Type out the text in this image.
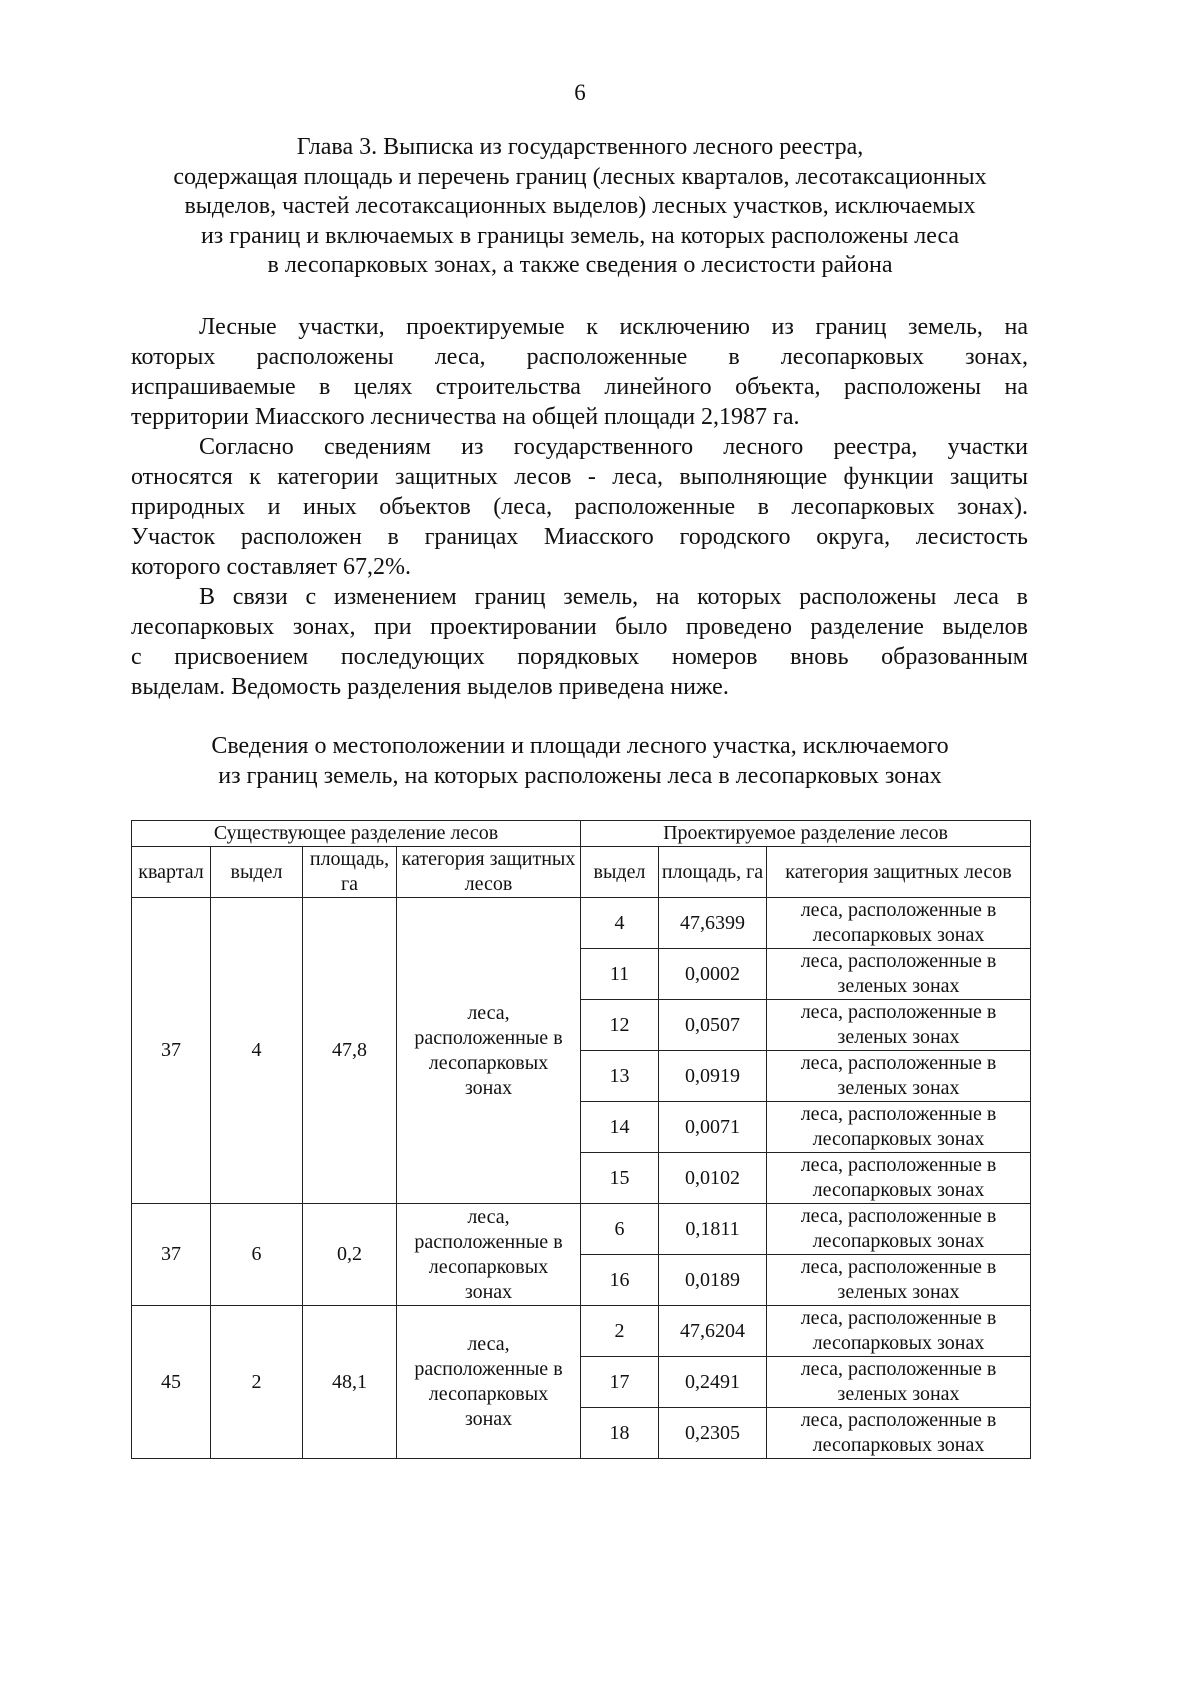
6
Глава 3. Выписка из государственного лесного реестра,
содержащая площадь и перечень границ (лесных кварталов, лесотаксационных
выделов, частей лесотаксационных выделов) лесных участков, исключаемых
из границ и включаемых в границы земель, на которых расположены леса
в лесопарковых зонах, а также сведения о лесистости района
Лесные участки, проектируемые к исключению из границ земель, на
которых расположены леса, расположенные в лесопарковых зонах,
испрашиваемые в целях строительства линейного объекта, расположены на
территории Миасского лесничества на общей площади 2,1987 га.
Согласно сведениям из государственного лесного реестра, участки
относятся к категории защитных лесов - леса, выполняющие функции защиты
природных и иных объектов (леса, расположенные в лесопарковых зонах).
Участок расположен в границах Миасского городского округа, лесистость
которого составляет 67,2%.
В связи с изменением границ земель, на которых расположены леса в
лесопарковых зонах, при проектировании было проведено разделение выделов
с присвоением последующих порядковых номеров вновь образованным
выделам. Ведомость разделения выделов приведена ниже.
Сведения о местоположении и площади лесного участка, исключаемого
из границ земель, на которых расположены леса в лесопарковых зонах
Существующее разделение лесов				Проектируемое разделение лесов		
квартал	выдел	площадь, га	категория защитных лесов	выдел	площадь, га	категория защитных лесов
37	4	47,8	леса, расположенные в лесопарковых зонах	4	47,6399	леса, расположенные в лесопарковых зонах
				11	0,0002	леса, расположенные в зеленых зонах
				12	0,0507	леса, расположенные в зеленых зонах
				13	0,0919	леса, расположенные в зеленых зонах
				14	0,0071	леса, расположенные в лесопарковых зонах
				15	0,0102	леса, расположенные в лесопарковых зонах
37	6	0,2	леса, расположенные в лесопарковых зонах	6	0,1811	леса, расположенные в лесопарковых зонах
				16	0,0189	леса, расположенные в зеленых зонах
45	2	48,1	леса, расположенные в лесопарковых зонах	2	47,6204	леса, расположенные в лесопарковых зонах
				17	0,2491	леса, расположенные в зеленых зонах
				18	0,2305	леса, расположенные в лесопарковых зонах
